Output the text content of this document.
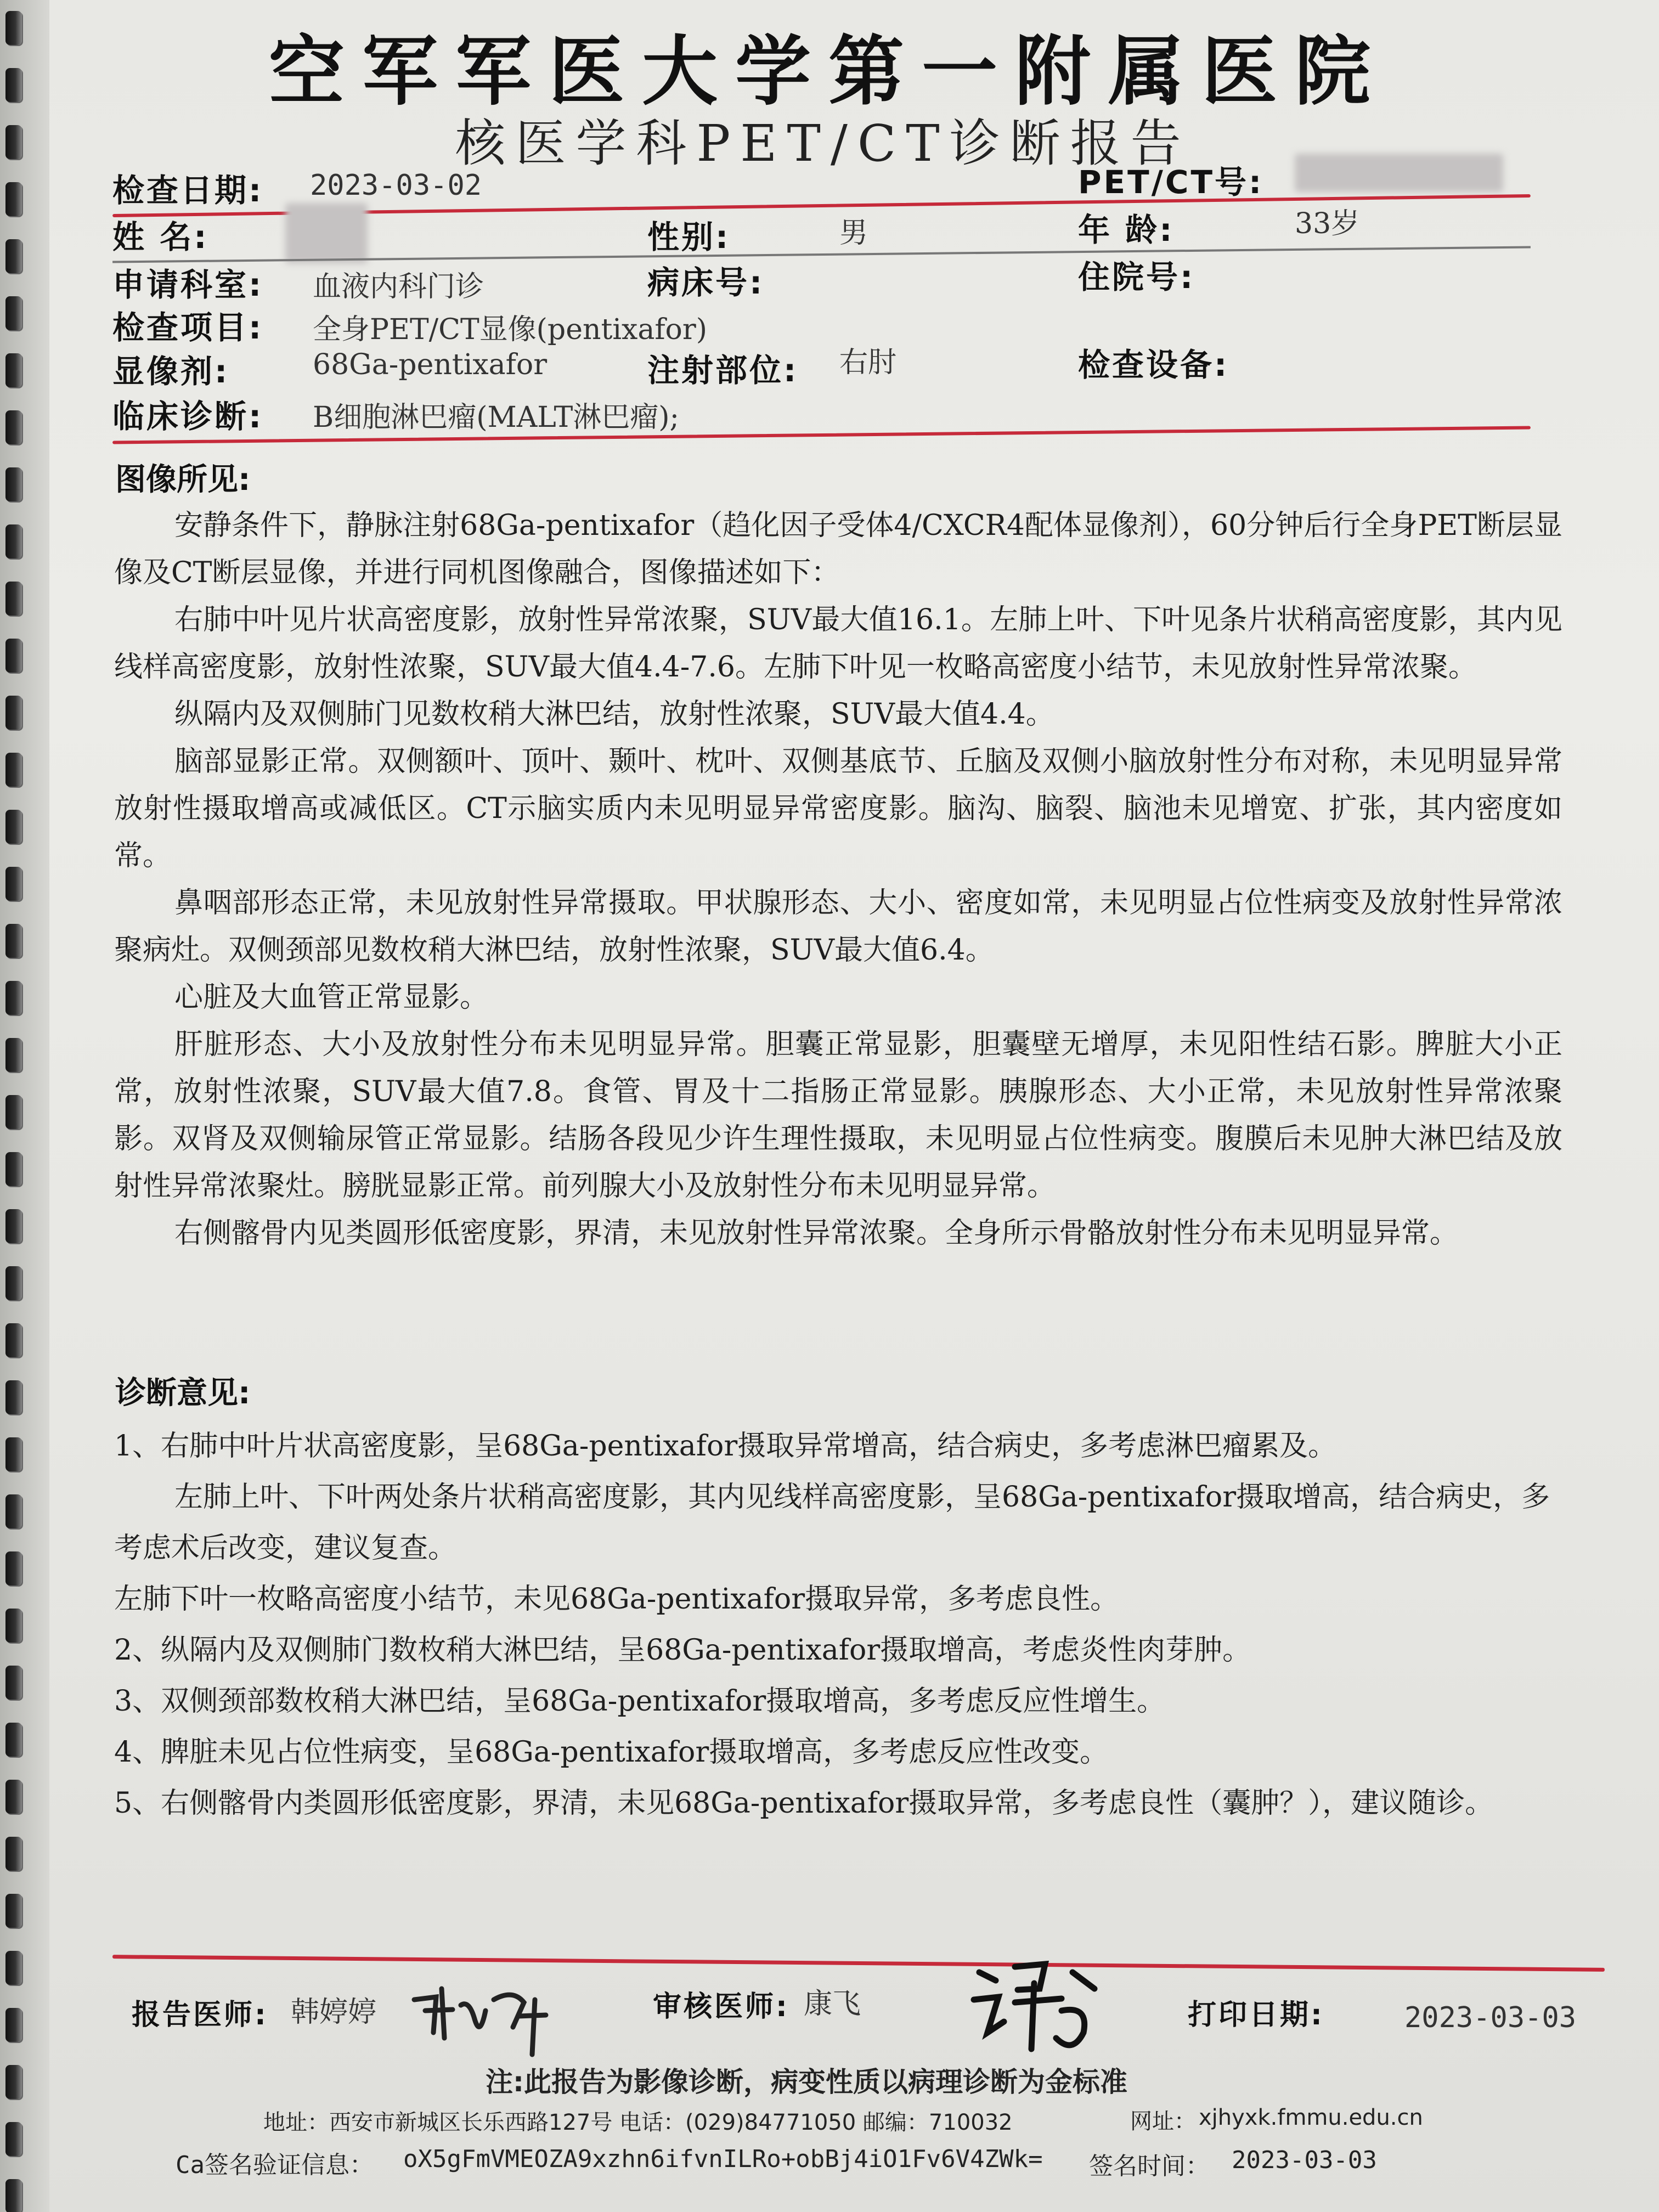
空军军医大学第一附属医院
核医学科PET/CT诊断报告
检查日期: 2023-03-02	PET/CT号:
姓 名:	性别:	男	年 龄:	33岁
申请科室: 血液内科门诊	病床号:	住院号:
检查项目: 全身PET/CT显像(pentixafor)
显像剂:	68Ga-pentixafor	注射部位: 右肘	检查设备:
临床诊断: B细胞淋巴瘤(MALT淋巴瘤);
图像所见:

安静条件下，静脉注射68Ga-pentixafor（趋化因子受体4/CXCR4配体显像剂），60分钟后行全身PET断层显像及CT断层显像，并进行同机图像融合，图像描述如下：

右肺中叶见片状高密度影，放射性异常浓聚，SUV最大值16.1。左肺上叶、下叶见条片状稍高密度影，其内见线样高密度影，放射性浓聚，SUV最大值4.4-7.6。左肺下叶见一枚略高密度小结节，未见放射性异常浓聚。

纵隔内及双侧肺门见数枚稍大淋巴结，放射性浓聚，SUV最大值4.4。

脑部显影正常。双侧额叶、顶叶、颞叶、枕叶、双侧基底节、丘脑及双侧小脑放射性分布对称，未见明显异常放射性摄取增高或减低区。CT示脑实质内未见明显异常密度影。脑沟、脑裂、脑池未见增宽、扩张，其内密度如常。

鼻咽部形态正常，未见放射性异常摄取。甲状腺形态、大小、密度如常，未见明显占位性病变及放射性异常浓聚病灶。双侧颈部见数枚稍大淋巴结，放射性浓聚，SUV最大值6.4。

心脏及大血管正常显影。

肝脏形态、大小及放射性分布未见明显异常。胆囊正常显影，胆囊壁无增厚，未见阳性结石影。脾脏大小正常，放射性浓聚，SUV最大值7.8。食管、胃及十二指肠正常显影。胰腺形态、大小正常，未见放射性异常浓聚影。双肾及双侧输尿管正常显影。结肠各段见少许生理性摄取，未见明显占位性病变。腹膜后未见肿大淋巴结及放射性异常浓聚灶。膀胱显影正常。前列腺大小及放射性分布未见明显异常。

右侧髂骨内见类圆形低密度影，界清，未见放射性异常浓聚。全身所示骨骼放射性分布未见明显异常。

诊断意见:

1、右肺中叶片状高密度影，呈68Ga-pentixafor摄取异常增高，结合病史，多考虑淋巴瘤累及。

左肺上叶、下叶两处条片状稍高密度影，其内见线样高密度影，呈68Ga-pentixafor摄取增高，结合病史，多考虑术后改变，建议复查。

左肺下叶一枚略高密度小结节，未见68Ga-pentixafor摄取异常，多考虑良性。

2、纵隔内及双侧肺门数枚稍大淋巴结，呈68Ga-pentixafor摄取增高，考虑炎性肉芽肿。

3、双侧颈部数枚稍大淋巴结，呈68Ga-pentixafor摄取增高，多考虑反应性增生。

4、脾脏未见占位性病变，呈68Ga-pentixafor摄取增高，多考虑反应性改变。

5、右侧髂骨内类圆形低密度影，界清，未见68Ga-pentixafor摄取异常，多考虑良性（囊肿？），建议随诊。

报告医师: 韩婷婷	审核医师: 康飞	打印日期:	2023-03-03
注:此报告为影像诊断，病变性质以病理诊断为金标准
地址：西安市新城区长乐西路127号 电话：(029)84771050 邮编：710032	网址： xjhyxk.fmmu.edu.cn
Ca签名验证信息： oX5gFmVMEOZA9xzhn6ifvnILRo+obBj4iO1Fv6V4ZWk= 签名时间： 2023-03-03
